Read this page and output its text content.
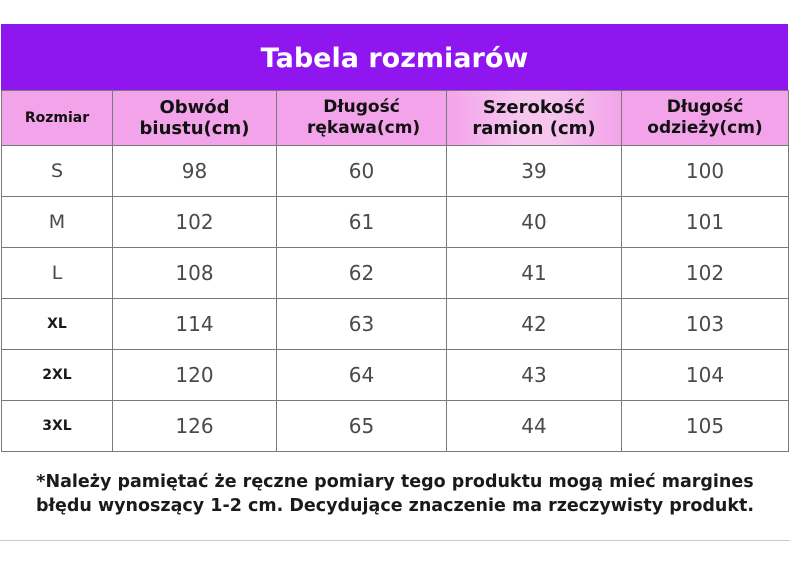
Tabela rozmiarów
Rozmiar	Obwód biustu(cm)	Długość rękawa(cm)	Szerokość ramion (cm)	Długość odzieży(cm)
S	98	60	39	100
M	102	61	40	101
L	108	62	41	102
XL	114	63	42	103
2XL	120	64	43	104
3XL	126	65	44	105
*Należy pamiętać że ręczne pomiary tego produktu mogą mieć margines
błędu wynoszący 1-2 cm. Decydujące znaczenie ma rzeczywisty produkt.
